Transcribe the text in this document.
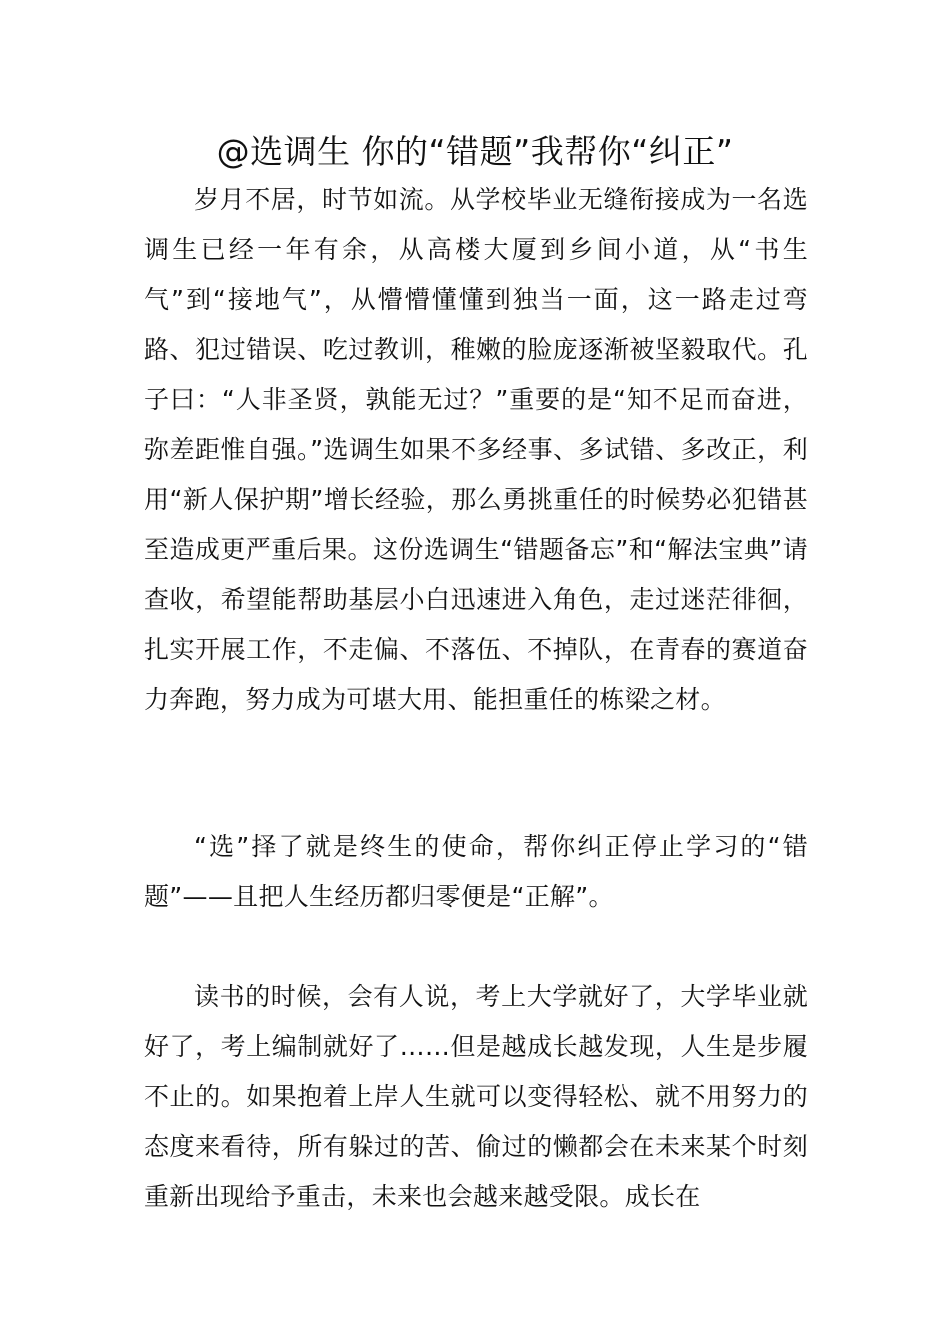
@选调生 你的“错题”我帮你“纠正”

岁月不居，时节如流。从学校毕业无缝衔接成为一名选调生已经一年有余，从高楼大厦到乡间小道，从“书生气”到“接地气”，从懵懵懂懂到独当一面，这一路走过弯路、犯过错误、吃过教训，稚嫩的脸庞逐渐被坚毅取代。孔子曰：“人非圣贤，孰能无过？”重要的是“知不足而奋进，弥差距惟自强。”选调生如果不多经事、多试错、多改正，利用“新人保护期”增长经验，那么勇挑重任的时候势必犯错甚至造成更严重后果。这份选调生“错题备忘”和“解法宝典”请查收，希望能帮助基层小白迅速进入角色，走过迷茫徘徊，扎实开展工作，不走偏、不落伍、不掉队，在青春的赛道奋力奔跑，努力成为可堪大用、能担重任的栋梁之材。

“选”择了就是终生的使命，帮你纠正停止学习的“错题”——且把人生经历都归零便是“正解”。

读书的时候，会有人说，考上大学就好了，大学毕业就好了，考上编制就好了……但是越成长越发现，人生是步履不止的。如果抱着上岸人生就可以变得轻松、就不用努力的态度来看待，所有躲过的苦、偷过的懒都会在未来某个时刻重新出现给予重击，未来也会越来越受限。成长在
